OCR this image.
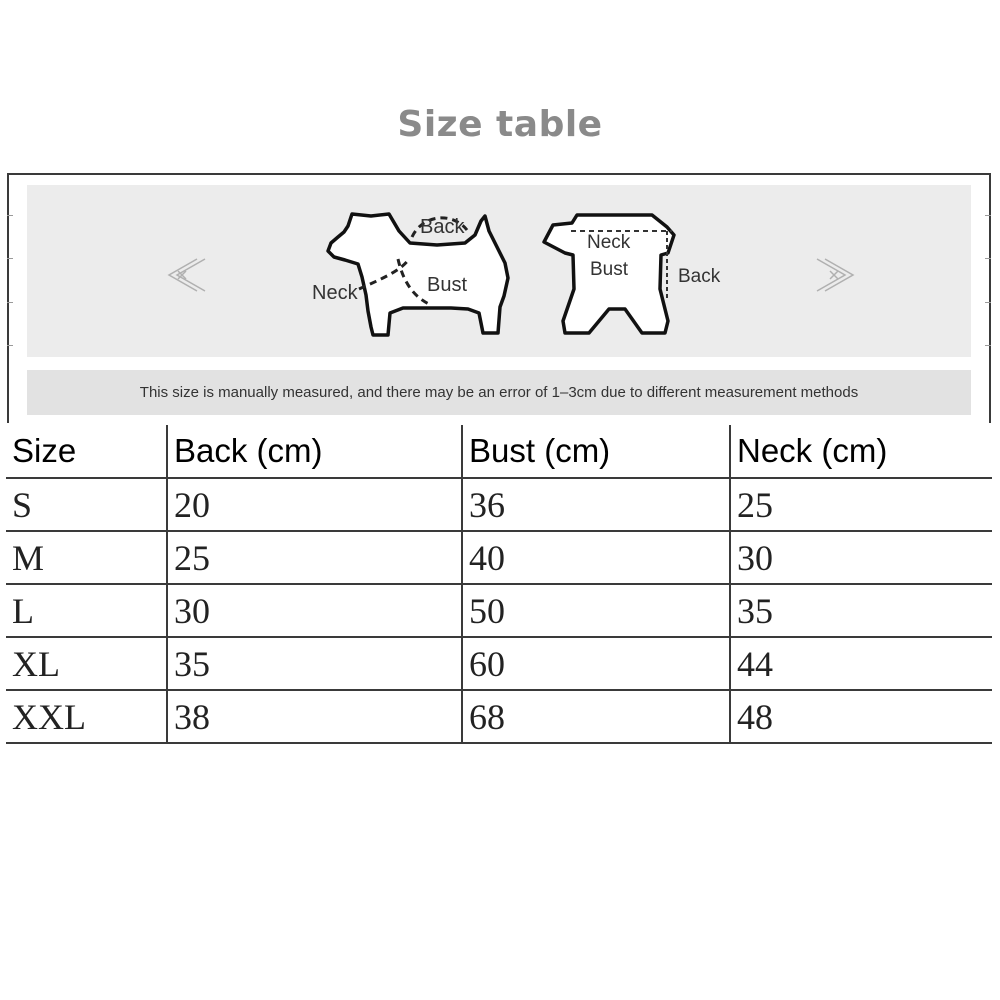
Size table
Back
Neck	Bust
Neck
Bust	Back
This size is manually measured, and there may be an error of 1–3cm due to different measurement methods
Size	Back (cm)	Bust (cm)	Neck (cm)
S	20	36	25
M	25	40	30
L	30	50	35
XL	35	60	44
XXL	38	68	48
